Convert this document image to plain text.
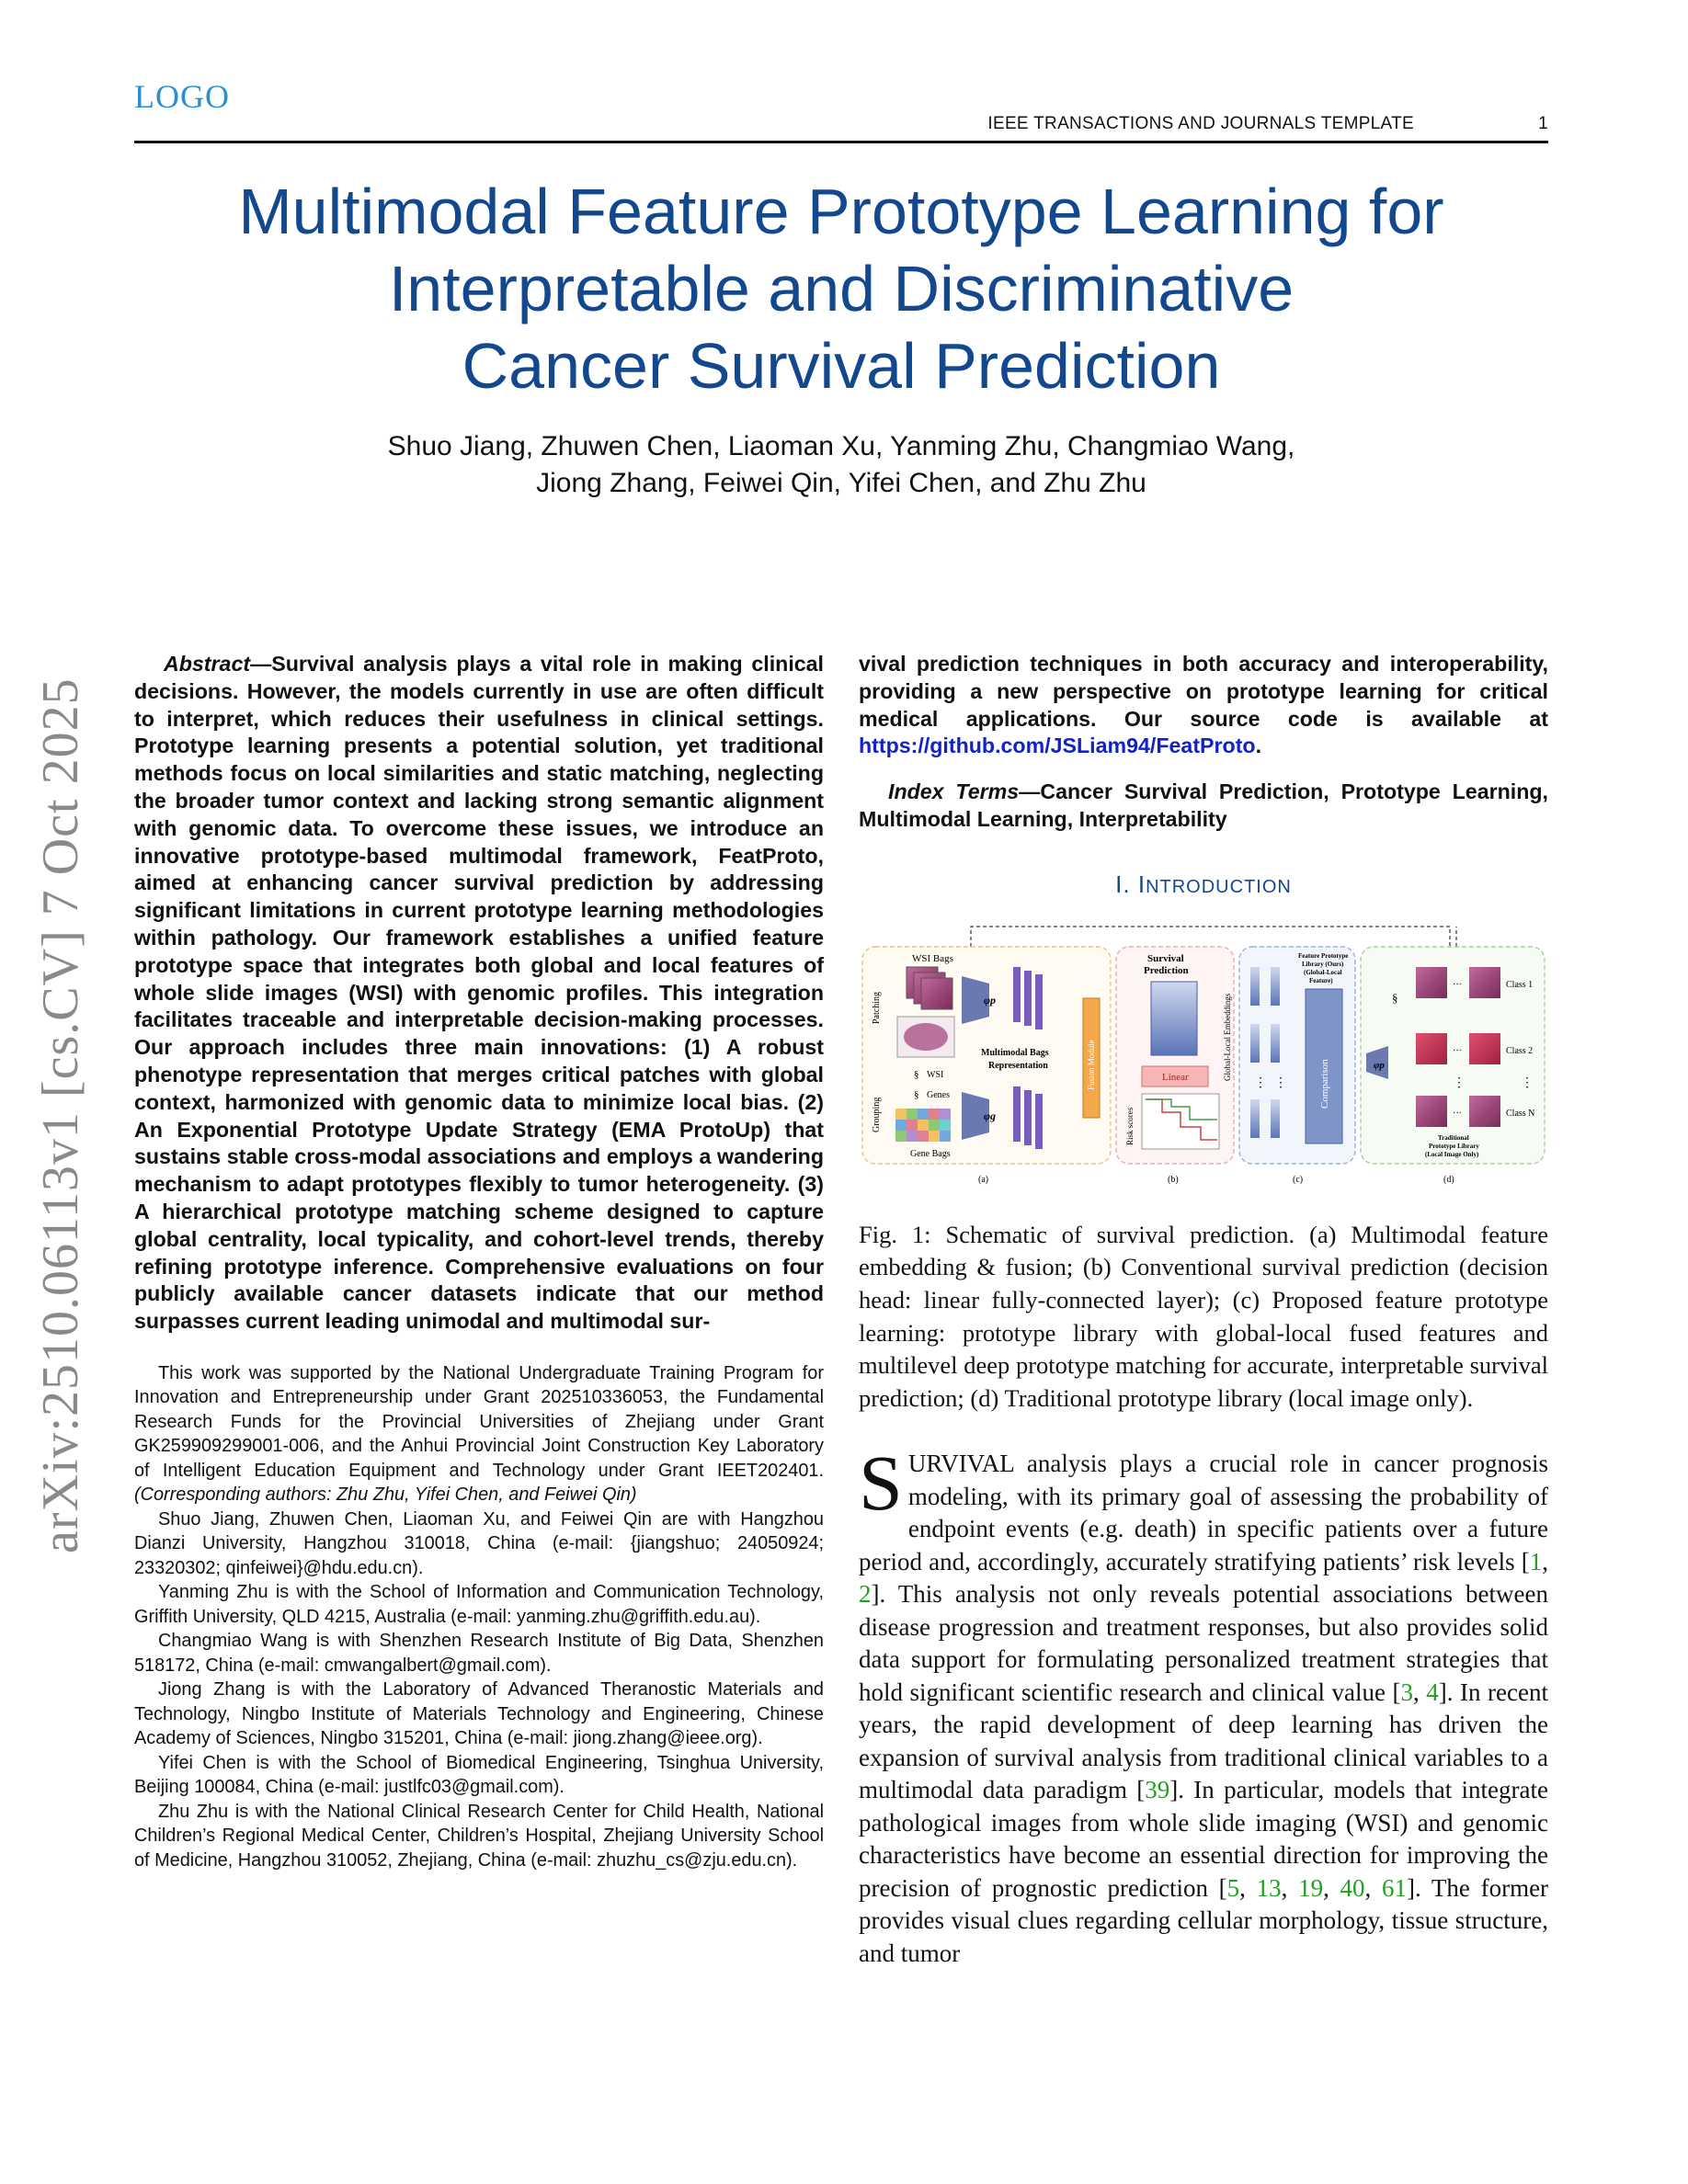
LOGO
IEEE TRANSACTIONS AND JOURNALS TEMPLATE	1
Multimodal Feature Prototype Learning for
Interpretable and Discriminative
Cancer Survival Prediction
Shuo Jiang, Zhuwen Chen, Liaoman Xu, Yanming Zhu, Changmiao Wang,
Jiong Zhang, Feiwei Qin, Yifei Chen, and Zhu Zhu
arXiv:2510.06113v1 [cs.CV] 7 Oct 2025

Abstract—Survival analysis plays a vital role in making clinical decisions. However, the models currently in use are often difficult to interpret, which reduces their usefulness in clinical settings. Prototype learning presents a potential solution, yet traditional methods focus on local similarities and static matching, neglecting the broader tumor context and lacking strong semantic alignment with genomic data. To overcome these issues, we introduce an innovative prototype-based multimodal framework, FeatProto, aimed at enhancing cancer survival prediction by addressing significant limitations in current prototype learning methodologies within pathology. Our framework establishes a unified feature prototype space that integrates both global and local features of whole slide images (WSI) with genomic profiles. This integration facilitates traceable and interpretable decision-making processes. Our approach includes three main innovations: (1) A robust phenotype representation that merges critical patches with global context, harmonized with genomic data to minimize local bias. (2) An Exponential Prototype Update Strategy (EMA ProtoUp) that sustains stable cross-modal associations and employs a wandering mechanism to adapt prototypes flexibly to tumor heterogeneity. (3) A hierarchical prototype matching scheme designed to capture global centrality, local typicality, and cohort-level trends, thereby refining prototype inference. Comprehensive evaluations on four publicly available cancer datasets indicate that our method surpasses current leading unimodal and multimodal sur-

This work was supported by the National Undergraduate Training Program for Innovation and Entrepreneurship under Grant 202510336053, the Fundamental Research Funds for the Provincial Universities of Zhejiang under Grant GK259909299001-006, and the Anhui Provincial Joint Construction Key Laboratory of Intelligent Education Equipment and Technology under Grant IEET202401. (Corresponding authors: Zhu Zhu, Yifei Chen, and Feiwei Qin)

Shuo Jiang, Zhuwen Chen, Liaoman Xu, and Feiwei Qin are with Hangzhou Dianzi University, Hangzhou 310018, China (e-mail: {jiangshuo; 24050924; 23320302; qinfeiwei}@hdu.edu.cn).

Yanming Zhu is with the School of Information and Communication Technology, Griffith University, QLD 4215, Australia (e-mail: yanming.zhu@griffith.edu.au).

Changmiao Wang is with Shenzhen Research Institute of Big Data, Shenzhen 518172, China (e-mail: cmwangalbert@gmail.com).

Jiong Zhang is with the Laboratory of Advanced Theranostic Materials and Technology, Ningbo Institute of Materials Technology and Engineering, Chinese Academy of Sciences, Ningbo 315201, China (e-mail: jiong.zhang@ieee.org).

Yifei Chen is with the School of Biomedical Engineering, Tsinghua University, Beijing 100084, China (e-mail: justlfc03@gmail.com).

Zhu Zhu is with the National Clinical Research Center for Child Health, National Children’s Regional Medical Center, Children’s Hospital, Zhejiang University School of Medicine, Hangzhou 310052, Zhejiang, China (e-mail: zhuzhu_cs@zju.edu.cn).

vival prediction techniques in both accuracy and interoperability, providing a new perspective on prototype learning for critical medical applications. Our source code is available at https://github.com/JSLiam94/FeatProto.

Index Terms—Cancer Survival Prediction, Prototype Learning, Multimodal Learning, Interpretability

I. INTRODUCTION
WSI Bags
Patching
Grouping
§ WSI
§ Genes
Gene Bags
φp
φg
Multimodal Bags
Representation	Fusion Module
(a)
Survival
Prediction
Linear
Risk scores
Global-Local Embeddings
(b)
⋮ ⋮
Feature Prototype
Library (Ours)
(Global-Local
Feature)
Comparison
(c)
φp
§
···
···
···
⋮	⋮
Class 1
Class 2
Class N
Traditional
Prototype Library
(Local Image Only)
(d)
Fig. 1: Schematic of survival prediction. (a) Multimodal feature embedding & fusion; (b) Conventional survival prediction (decision head: linear fully-connected layer); (c) Proposed feature prototype learning: prototype library with global-local fused features and multilevel deep prototype matching for accurate, interpretable survival prediction; (d) Traditional prototype library (local image only).
SURVIVAL analysis plays a crucial role in cancer prognosis modeling, with its primary goal of assessing the probability of endpoint events (e.g. death) in specific patients over a future period and, accordingly, accurately stratifying patients’ risk levels [1, 2]. This analysis not only reveals potential associations between disease progression and treatment responses, but also provides solid data support for formulating personalized treatment strategies that hold significant scientific research and clinical value [3, 4]. In recent years, the rapid development of deep learning has driven the expansion of survival analysis from traditional clinical variables to a multimodal data paradigm [39]. In particular, models that integrate pathological images from whole slide imaging (WSI) and genomic characteristics have become an essential direction for improving the precision of prognostic prediction [5, 13, 19, 40, 61]. The former provides visual clues regarding cellular morphology, tissue structure, and tumor
